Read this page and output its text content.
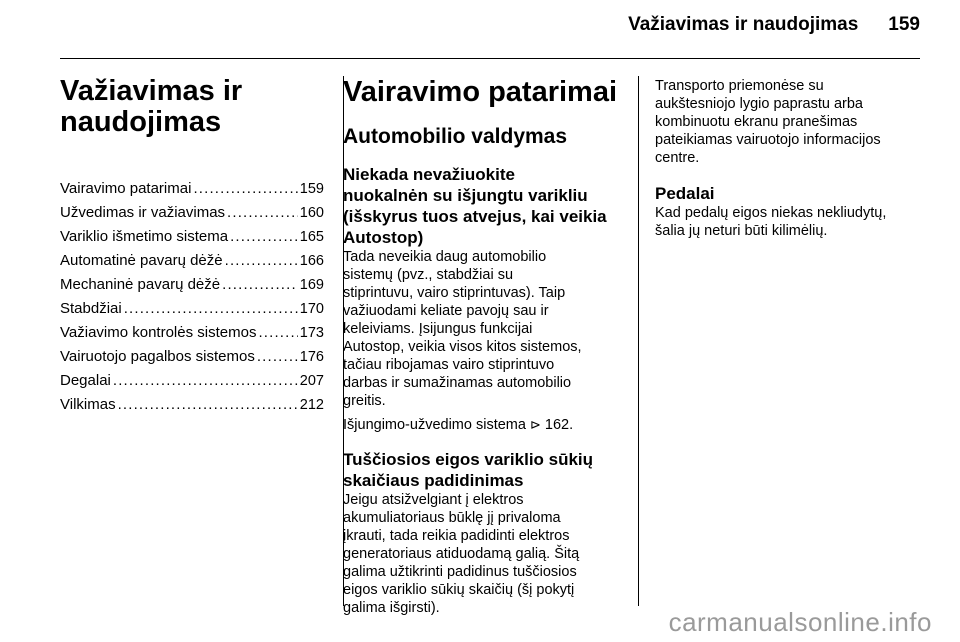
Važiavimas ir naudojimas 159
Važiavimas ir
naudojimas
Vairavimo patarimai . . .	159
Užvedimas ir važiavimas . . .	160
Variklio išmetimo sistema . . .	165
Automatinė pavarų dėžė . . .	166
Mechaninė pavarų dėžė . . .	169
Stabdžiai . . .	170
Važiavimo kontrolės sistemos . . .	173
Vairuotojo pagalbos sistemos . . .	176
Degalai . . .	207
Vilkimas . . .	212
Vairavimo patarimai
Automobilio valdymas
Niekada nevažiuokite
nuokalnėn su išjungtu varikliu
(išskyrus tuos atvejus, kai veikia
Autostop)

Tada neveikia daug automobilio

sistemų (pvz., stabdžiai su

stiprintuvu, vairo stiprintuvas). Taip

važiuodami keliate pavojų sau ir

keleiviams. Įsijungus funkcijai

Autostop, veikia visos kitos sistemos,

tačiau ribojamas vairo stiprintuvo

darbas ir sumažinamas automobilio

greitis.

Išjungimo-užvedimo sistema ⊳ 162.

Tuščiosios eigos variklio sūkių
skaičiaus padidinimas

Jeigu atsižvelgiant į elektros

akumuliatoriaus būklę jį privaloma

įkrauti, tada reikia padidinti elektros

generatoriaus atiduodamą galią. Šitą

galima užtikrinti padidinus tuščiosios

eigos variklio sūkių skaičių (šį pokytį

galima išgirsti).

Transporto priemonėse su

aukštesniojo lygio paprastu arba

kombinuotu ekranu pranešimas

pateikiamas vairuotojo informacijos

centre.

Pedalai

Kad pedalų eigos niekas nekliudytų,

šalia jų neturi būti kilimėlių.

carmanualsonline.info
